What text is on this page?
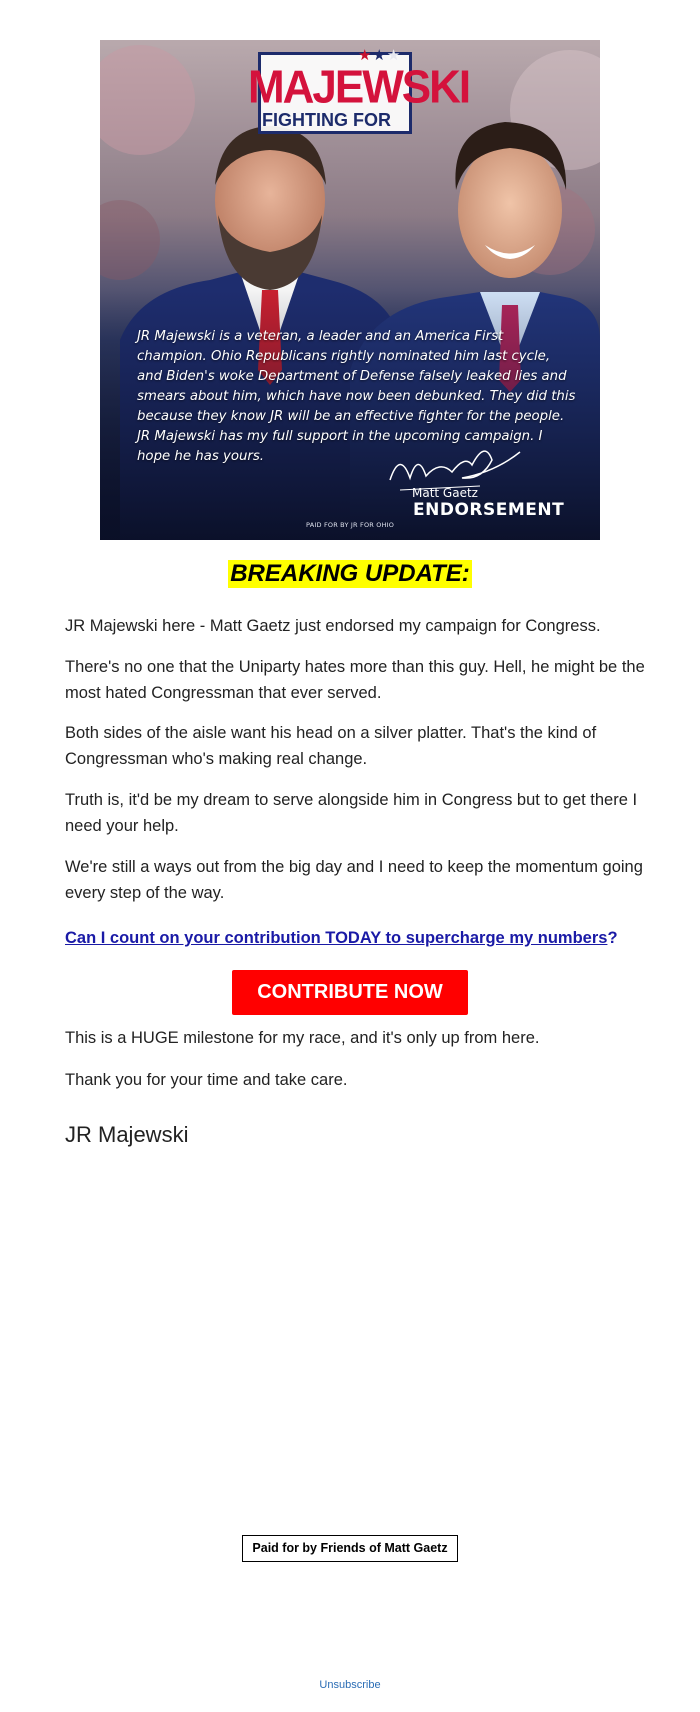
★★★
MAJEWSKI
FIGHTING FOR
JR Majewski is a veteran, a leader and an America First champion. Ohio Republicans rightly nominated him last cycle, and Biden's woke Department of Defense falsely leaked lies and smears about him, which have now been debunked. They did this because they know JR will be an effective fighter for the people. JR Majewski has my full support in the upcoming campaign. I hope he has yours.
Matt Gaetz
ENDORSEMENT
PAID FOR BY JR FOR OHIO
BREAKING UPDATE:

JR Majewski here - Matt Gaetz just endorsed my campaign for Congress.

There's no one that the Uniparty hates more than this guy. Hell, he might be the most hated Congressman that ever served.

Both sides of the aisle want his head on a silver platter. That's the kind of Congressman who's making real change.

Truth is, it'd be my dream to serve alongside him in Congress but to get there I need your help.

We're still a ways out from the big day and I need to keep the momentum going every step of the way.

Can I count on your contribution TODAY to supercharge my numbers?
CONTRIBUTE NOW

This is a HUGE milestone for my race, and it's only up from here.

Thank you for your time and take care.

JR Majewski
Paid for by Friends of Matt Gaetz
Unsubscribe
